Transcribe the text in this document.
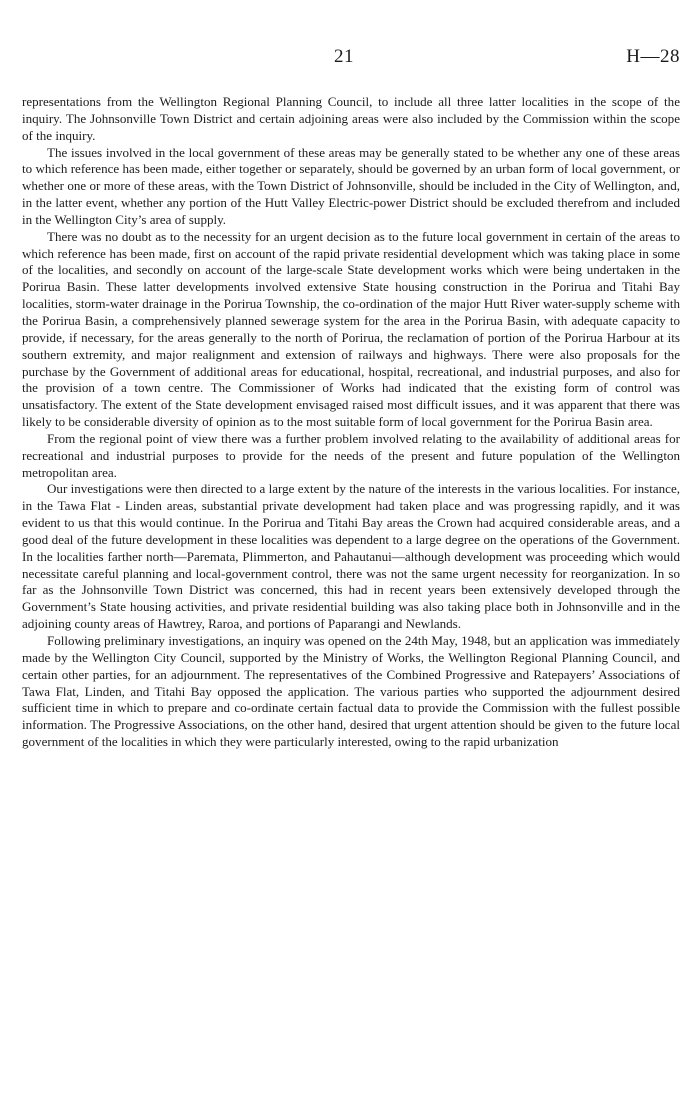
21	H—28

representations from the Wellington Regional Planning Council, to include all three latter localities in the scope of the inquiry. The Johnsonville Town District and certain adjoining areas were also included by the Commission within the scope of the inquiry.

The issues involved in the local government of these areas may be generally stated to be whether any one of these areas to which reference has been made, either together or separately, should be governed by an urban form of local government, or whether one or more of these areas, with the Town District of Johnsonville, should be included in the City of Wellington, and, in the latter event, whether any portion of the Hutt Valley Electric-power District should be excluded therefrom and included in the Wellington City’s area of supply.

There was no doubt as to the necessity for an urgent decision as to the future local government in certain of the areas to which reference has been made, first on account of the rapid private residential development which was taking place in some of the localities, and secondly on account of the large-scale State development works which were being undertaken in the Porirua Basin. These latter developments involved extensive State housing construction in the Porirua and Titahi Bay localities, storm-water drainage in the Porirua Township, the co-ordination of the major Hutt River water-supply scheme with the Porirua Basin, a comprehensively planned sewerage system for the area in the Porirua Basin, with adequate capacity to provide, if necessary, for the areas generally to the north of Porirua, the reclamation of portion of the Porirua Harbour at its southern extremity, and major realignment and extension of railways and highways. There were also proposals for the purchase by the Government of additional areas for educational, hospital, recreational, and industrial purposes, and also for the provision of a town centre. The Commissioner of Works had indicated that the existing form of control was unsatisfactory. The extent of the State development envisaged raised most difficult issues, and it was apparent that there was likely to be considerable diversity of opinion as to the most suitable form of local government for the Porirua Basin area.

From the regional point of view there was a further problem involved relating to the availability of additional areas for recreational and industrial purposes to provide for the needs of the present and future population of the Wellington metropolitan area.

Our investigations were then directed to a large extent by the nature of the interests in the various localities. For instance, in the Tawa Flat - Linden areas, substantial private development had taken place and was progressing rapidly, and it was evident to us that this would continue. In the Porirua and Titahi Bay areas the Crown had acquired considerable areas, and a good deal of the future development in these localities was dependent to a large degree on the operations of the Government. In the localities farther north—Paremata, Plimmerton, and Pahautanui—although development was proceeding which would necessitate careful planning and local-government control, there was not the same urgent necessity for reorganization. In so far as the Johnsonville Town District was concerned, this had in recent years been extensively developed through the Government’s State housing activities, and private residential building was also taking place both in Johnsonville and in the adjoining county areas of Hawtrey, Raroa, and portions of Paparangi and Newlands.

Following preliminary investigations, an inquiry was opened on the 24th May, 1948, but an application was immediately made by the Wellington City Council, supported by the Ministry of Works, the Wellington Regional Planning Council, and certain other parties, for an adjournment. The representatives of the Combined Progressive and Ratepayers’ Associations of Tawa Flat, Linden, and Titahi Bay opposed the application. The various parties who supported the adjournment desired sufficient time in which to prepare and co-ordinate certain factual data to provide the Commission with the fullest possible information. The Progressive Associations, on the other hand, desired that urgent attention should be given to the future local government of the localities in which they were particularly interested, owing to the rapid urbanization
